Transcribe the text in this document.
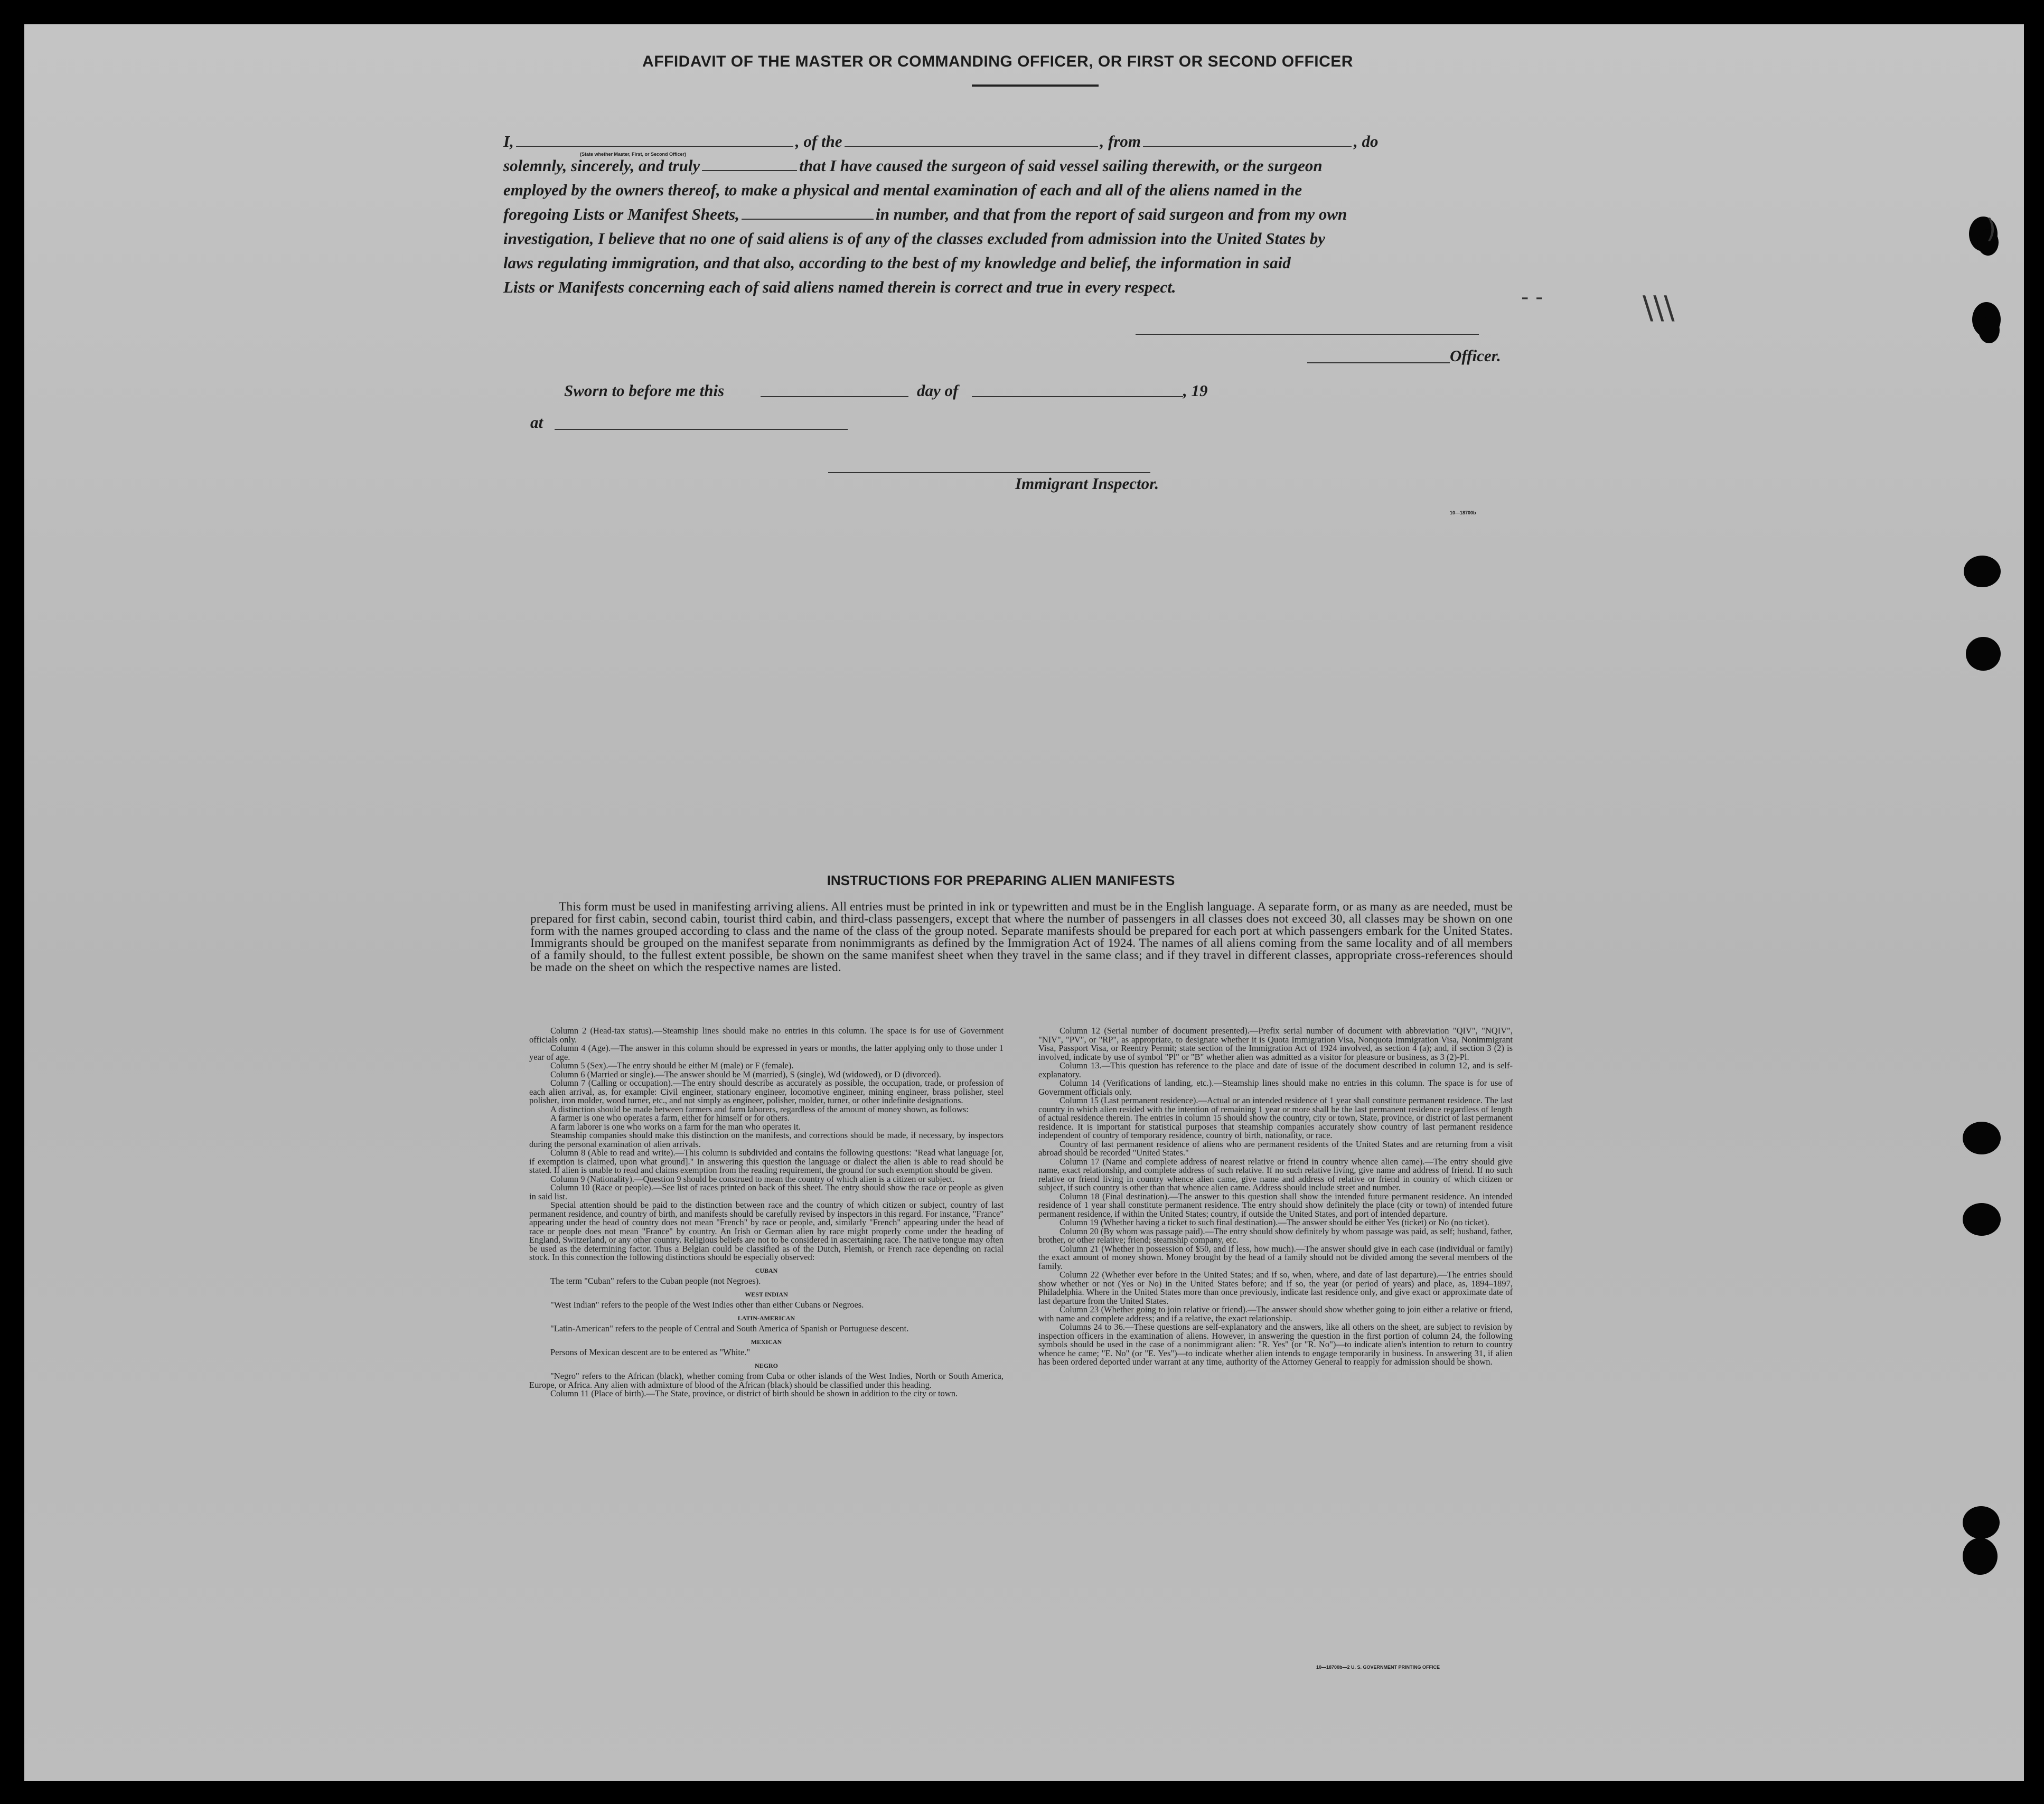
- -	\\\
)
AFFIDAVIT OF THE MASTER OR COMMANDING OFFICER, OR FIRST OR SECOND OFFICER
I,	, of the	, from	, do
(State whether Master, First, or Second Officer)
solemnly, sincerely, and truly	that I have caused the surgeon of said vessel sailing therewith, or the surgeon
employed by the owners thereof, to make a physical and mental examination of each and all of the aliens named in the
foregoing Lists or Manifest Sheets,	in number, and that from the report of said surgeon and from my own
investigation, I believe that no one of said aliens is of any of the classes excluded from admission into the United States by
laws regulating immigration, and that also, according to the best of my knowledge and belief, the information in said
Lists or Manifests concerning each of said aliens named therein is correct and true in every respect.
Officer.
Sworn to before me this	day of	, 19
at
Immigrant Inspector.
10—18700b
INSTRUCTIONS FOR PREPARING ALIEN MANIFESTS

This form must be used in manifesting arriving aliens. All entries must be printed in ink or typewritten and must be in the English language. A separate form, or as many as are needed, must be prepared for first cabin, second cabin, tourist third cabin, and third-class passengers, except that where the number of passengers in all classes does not exceed 30, all classes may be shown on one form with the names grouped according to class and the name of the class of the group noted. Separate manifests should be prepared for each port at which passengers embark for the United States. Immigrants should be grouped on the manifest separate from nonimmigrants as defined by the Immigration Act of 1924. The names of all aliens coming from the same locality and of all members of a family should, to the fullest extent possible, be shown on the same manifest sheet when they travel in the same class; and if they travel in different classes, appropriate cross-references should be made on the sheet on which the respective names are listed.

Column 2 (Head-tax status).—Steamship lines should make no entries in this column. The space is for use of Government officials only.

Column 4 (Age).—The answer in this column should be expressed in years or months, the latter applying only to those under 1 year of age.

Column 5 (Sex).—The entry should be either M (male) or F (female).

Column 6 (Married or single).—The answer should be M (married), S (single), Wd (widowed), or D (divorced).

Column 7 (Calling or occupation).—The entry should describe as accurately as possible, the occupation, trade, or profession of each alien arrival, as, for example: Civil engineer, stationary engineer, locomotive engineer, mining engineer, brass polisher, steel polisher, iron molder, wood turner, etc., and not simply as engineer, polisher, molder, turner, or other indefinite designations.

A distinction should be made between farmers and farm laborers, regardless of the amount of money shown, as follows:

A farmer is one who operates a farm, either for himself or for others.

A farm laborer is one who works on a farm for the man who operates it.

Steamship companies should make this distinction on the manifests, and corrections should be made, if necessary, by inspectors during the personal examination of alien arrivals.

Column 8 (Able to read and write).—This column is subdivided and contains the following questions: "Read what language [or, if exemption is claimed, upon what ground]." In answering this question the language or dialect the alien is able to read should be stated. If alien is unable to read and claims exemption from the reading requirement, the ground for such exemption should be given.

Column 9 (Nationality).—Question 9 should be construed to mean the country of which alien is a citizen or subject.

Column 10 (Race or people).—See list of races printed on back of this sheet. The entry should show the race or people as given in said list.

Special attention should be paid to the distinction between race and the country of which citizen or subject, country of last permanent residence, and country of birth, and manifests should be carefully revised by inspectors in this regard. For instance, "France" appearing under the head of country does not mean "French" by race or people, and, similarly "French" appearing under the head of race or people does not mean "France" by country. An Irish or German alien by race might properly come under the heading of England, Switzerland, or any other country. Religious beliefs are not to be considered in ascertaining race. The native tongue may often be used as the determining factor. Thus a Belgian could be classified as of the Dutch, Flemish, or French race depending on racial stock. In this connection the following distinctions should be especially observed:

CUBAN

The term "Cuban" refers to the Cuban people (not Negroes).

WEST INDIAN

"West Indian" refers to the people of the West Indies other than either Cubans or Negroes.

LATIN-AMERICAN

"Latin-American" refers to the people of Central and South America of Spanish or Portuguese descent.

MEXICAN

Persons of Mexican descent are to be entered as "White."

NEGRO

"Negro" refers to the African (black), whether coming from Cuba or other islands of the West Indies, North or South America, Europe, or Africa. Any alien with admixture of blood of the African (black) should be classified under this heading.

Column 11 (Place of birth).—The State, province, or district of birth should be shown in addition to the city or town.

Column 12 (Serial number of document presented).—Prefix serial number of document with abbreviation "QIV", "NQIV", "NIV", "PV", or "RP", as appropriate, to designate whether it is Quota Immigration Visa, Nonquota Immigration Visa, Nonimmigrant Visa, Passport Visa, or Reentry Permit; state section of the Immigration Act of 1924 involved, as section 4 (a); and, if section 3 (2) is involved, indicate by use of symbol "Pl" or "B" whether alien was admitted as a visitor for pleasure or business, as 3 (2)-Pl.

Column 13.—This question has reference to the place and date of issue of the document described in column 12, and is self-explanatory.

Column 14 (Verifications of landing, etc.).—Steamship lines should make no entries in this column. The space is for use of Government officials only.

Column 15 (Last permanent residence).—Actual or an intended residence of 1 year shall constitute permanent residence. The last country in which alien resided with the intention of remaining 1 year or more shall be the last permanent residence regardless of length of actual residence therein. The entries in column 15 should show the country, city or town, State, province, or district of last permanent residence. It is important for statistical purposes that steamship companies accurately show country of last permanent residence independent of country of temporary residence, country of birth, nationality, or race.

Country of last permanent residence of aliens who are permanent residents of the United States and are returning from a visit abroad should be recorded "United States."

Column 17 (Name and complete address of nearest relative or friend in country whence alien came).—The entry should give name, exact relationship, and complete address of such relative. If no such relative living, give name and address of friend. If no such relative or friend living in country whence alien came, give name and address of relative or friend in country of which citizen or subject, if such country is other than that whence alien came. Address should include street and number.

Column 18 (Final destination).—The answer to this question shall show the intended future permanent residence. An intended residence of 1 year shall constitute permanent residence. The entry should show definitely the place (city or town) of intended future permanent residence, if within the United States; country, if outside the United States, and port of intended departure.

Column 19 (Whether having a ticket to such final destination).—The answer should be either Yes (ticket) or No (no ticket).

Column 20 (By whom was passage paid).—The entry should show definitely by whom passage was paid, as self; husband, father, brother, or other relative; friend; steamship company, etc.

Column 21 (Whether in possession of $50, and if less, how much).—The answer should give in each case (individual or family) the exact amount of money shown. Money brought by the head of a family should not be divided among the several members of the family.

Column 22 (Whether ever before in the United States; and if so, when, where, and date of last departure).—The entries should show whether or not (Yes or No) in the United States before; and if so, the year (or period of years) and place, as, 1894–1897, Philadelphia. Where in the United States more than once previously, indicate last residence only, and give exact or approximate date of last departure from the United States.

Column 23 (Whether going to join relative or friend).—The answer should show whether going to join either a relative or friend, with name and complete address; and if a relative, the exact relationship.

Columns 24 to 36.—These questions are self-explanatory and the answers, like all others on the sheet, are subject to revision by inspection officers in the examination of aliens. However, in answering the question in the first portion of column 24, the following symbols should be used in the case of a nonimmigrant alien: "R. Yes" (or "R. No")—to indicate alien's intention to return to country whence he came; "E. No" (or "E. Yes")—to indicate whether alien intends to engage temporarily in business. In answering 31, if alien has been ordered deported under warrant at any time, authority of the Attorney General to reapply for admission should be shown.

10—18700b—2 U. S. GOVERNMENT PRINTING OFFICE
